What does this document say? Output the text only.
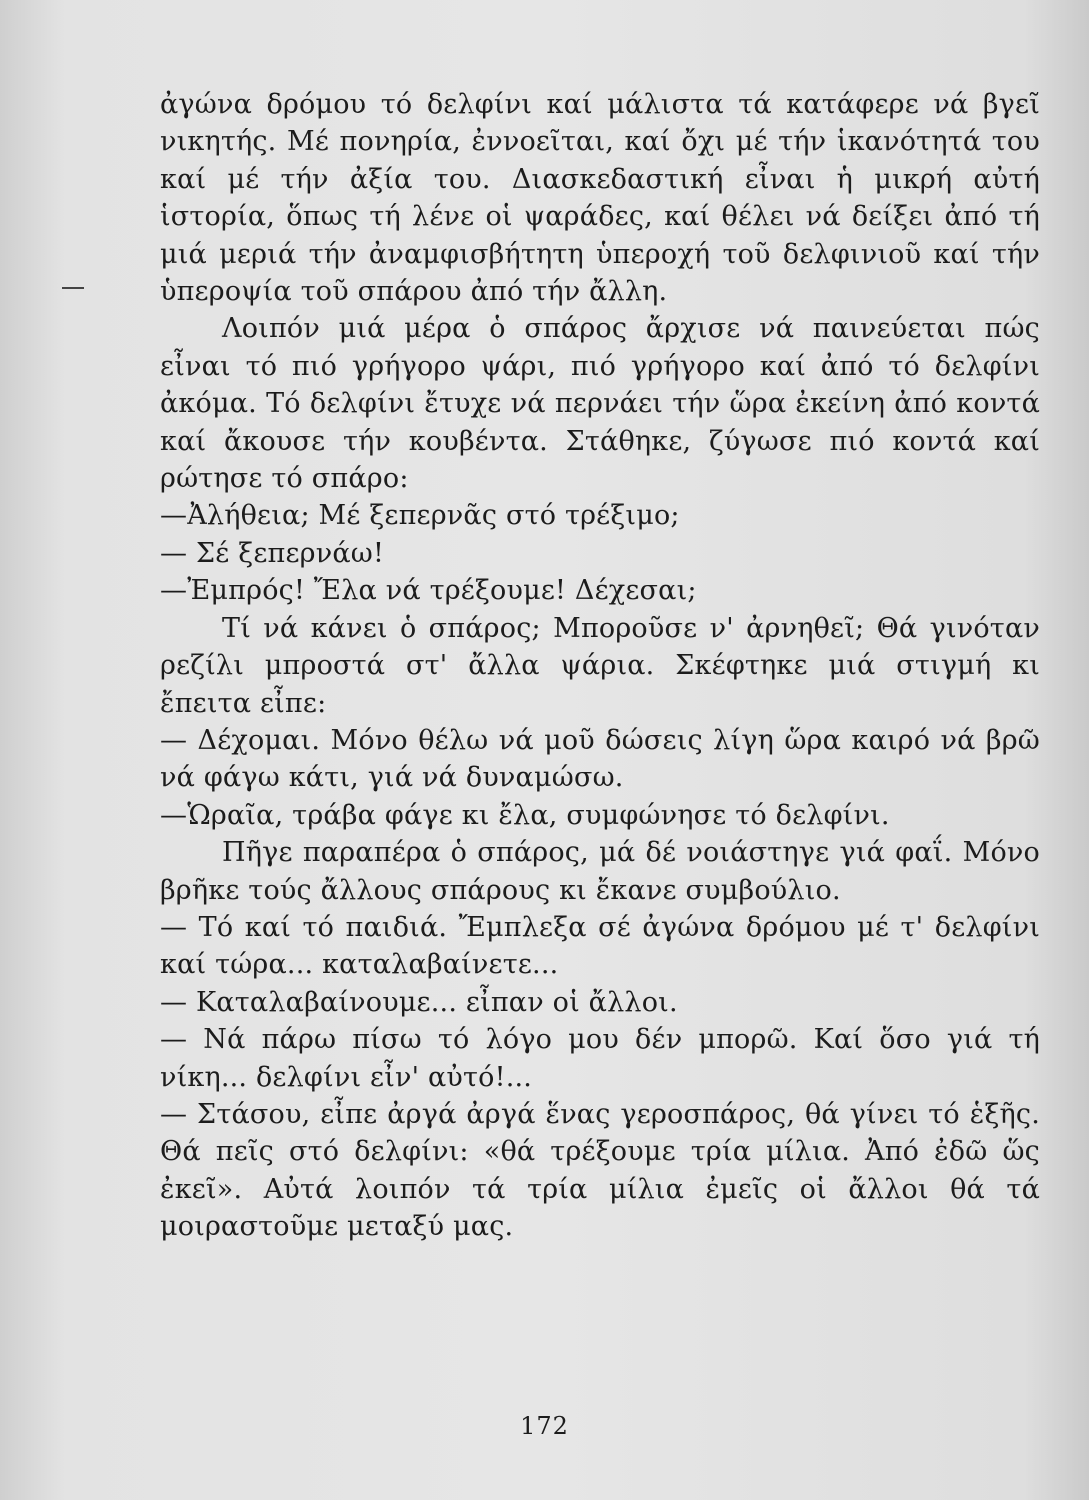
ἀγώνα δρόμου τό δελφίνι καί μάλιστα τά κατάφερε νά βγεῖ νικητής. Μέ πονηρία, ἐννοεῖται, καί ὄχι μέ τήν ἱκανότητά του καί μέ τήν ἀξία του. Διασκεδαστική εἶναι ἡ μικρή αὐτή ἱστορία, ὅπως τή λένε οἱ ψαράδες, καί θέλει νά δείξει ἀπό τή μιά μεριά τήν ἀναμφισβήτητη ὑπεροχή τοῦ δελφινιοῦ καί τήν ὑπεροψία τοῦ σπάρου ἀπό τήν ἄλλη.

Λοιπόν μιά μέρα ὁ σπάρος ἄρχισε νά παινεύεται πώς εἶναι τό πιό γρήγορο ψάρι, πιό γρήγορο καί ἀπό τό δελφίνι ἀκόμα. Τό δελφίνι ἔτυχε νά περνάει τήν ὥρα ἐκείνη ἀπό κοντά καί ἄκουσε τήν κουβέντα. Στάθηκε, ζύγωσε πιό κοντά καί ρώτησε τό σπάρο:

—Ἀλήθεια; Μέ ξεπερνᾶς στό τρέξιμο;

— Σέ ξεπερνάω!

—Ἐμπρός! Ἔλα νά τρέξουμε! Δέχεσαι;

Τί νά κάνει ὁ σπάρος; Μποροῦσε ν' ἀρνηθεῖ; Θά γινόταν ρεζίλι μπροστά στ' ἄλλα ψάρια. Σκέφτηκε μιά στιγμή κι ἔπειτα εἶπε:

— Δέχομαι. Μόνο θέλω νά μοῦ δώσεις λίγη ὥρα καιρό νά βρῶ νά φάγω κάτι, γιά νά δυναμώσω.

—Ὡραῖα, τράβα φάγε κι ἔλα, συμφώνησε τό δελφίνι.

Πῆγε παραπέρα ὁ σπάρος, μά δέ νοιάστηγε γιά φαΐ. Μόνο βρῆκε τούς ἄλλους σπάρους κι ἔκανε συμβούλιο.

— Τό καί τό παιδιά. Ἔμπλεξα σέ ἀγώνα δρόμου μέ τ' δελφίνι καί τώρα... καταλαβαίνετε...

— Καταλαβαίνουμε... εἶπαν οἱ ἄλλοι.

— Νά πάρω πίσω τό λόγο μου δέν μπορῶ. Καί ὅσο γιά τή νίκη... δελφίνι εἶν' αὐτό!...

— Στάσου, εἶπε ἀργά ἀργά ἕνας γεροσπάρος, θά γίνει τό ἑξῆς. Θά πεῖς στό δελφίνι: «θά τρέξουμε τρία μίλια. Ἀπό ἐδῶ ὥς ἐκεῖ». Αὐτά λοιπόν τά τρία μίλια ἐμεῖς οἱ ἄλλοι θά τά μοιραστοῦμε μεταξύ μας.

172
